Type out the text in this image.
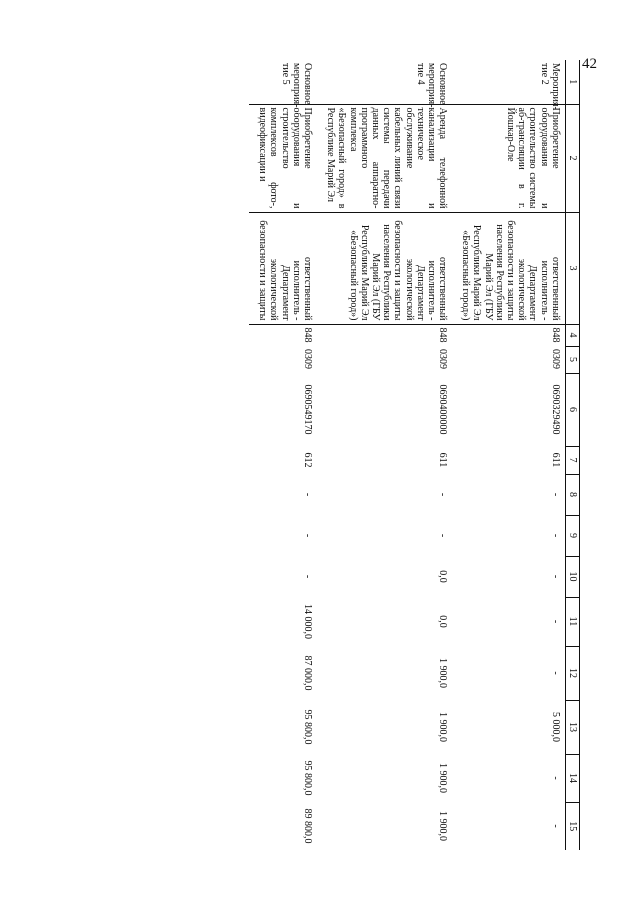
42
1	2	3	4	5	6	7	8	9	10	11	12	13	14	15
Мероприя-тие 2	Приобретение оборудования и строительство системы аб-трансляции в г. Йошкар-Оле	ответственный исполнитель - Департамент экологической безопасности и защиты населения Республики Марий Эл (ГБУ Республики Марий Эл «Безопасный город»)	848	0309	0690329490	611	-	-	-	-	-	5 000,0	-	-
Основное мероприя-тие 4	Аренда телефонной канализации и техническое обслуживание кабельных линий связи системы передачи данных аппаратно-программного комплекса «Безопасный город» в Республике Марий Эл	ответственный исполнитель - Департамент экологической безопасности и защиты населения Республики Марий Эл (ГБУ Республики Марий Эл «Безопасный город»)	848	0309	0690400000	611	-	-	0,0	0,0	1 900,0	1 900,0	1 900,0	1 900,0
Основное мероприя-тие 5	Приобретение оборудования и строительство комплексов фото-, видеофиксации и	ответственный исполнитель - Департамент экологической безопасности и защиты	848	0309	0690549170	612	-	-	-	14 000,0	87 000,0	95 800,0	95 800,0	89 800,0
